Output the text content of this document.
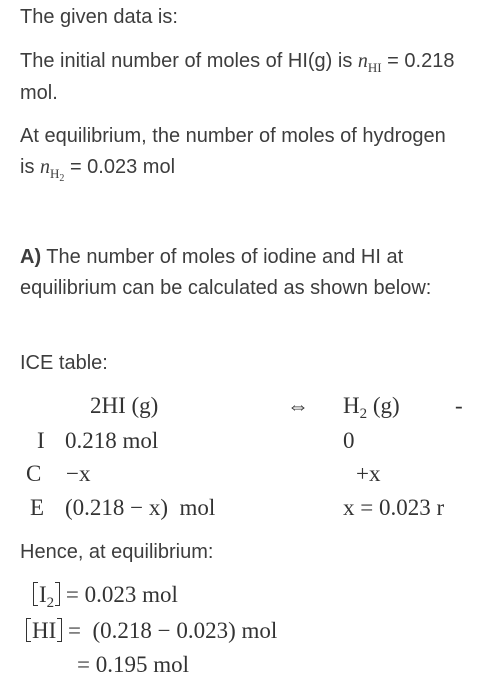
The given data is:

The initial number of moles of HI(g) is $n_{HI} = 0.218$ mol.

At equilibrium, the number of moles of hydrogen is $n_{H_2} = 0.023$ mol

A) The number of moles of iodine and HI at equilibrium can be calculated as shown below:

ICE table:

2HI (g)	⇔ $H_2$ (g) -
I 0.218 mol	0
C −x	+x
E (0.218 − x)  mol	x = 0.023 r

Hence, at equilibrium:

$I_2 = 0.023$ mol
HI =  (0.218 − 0.023) mol
= 0.195 mol
